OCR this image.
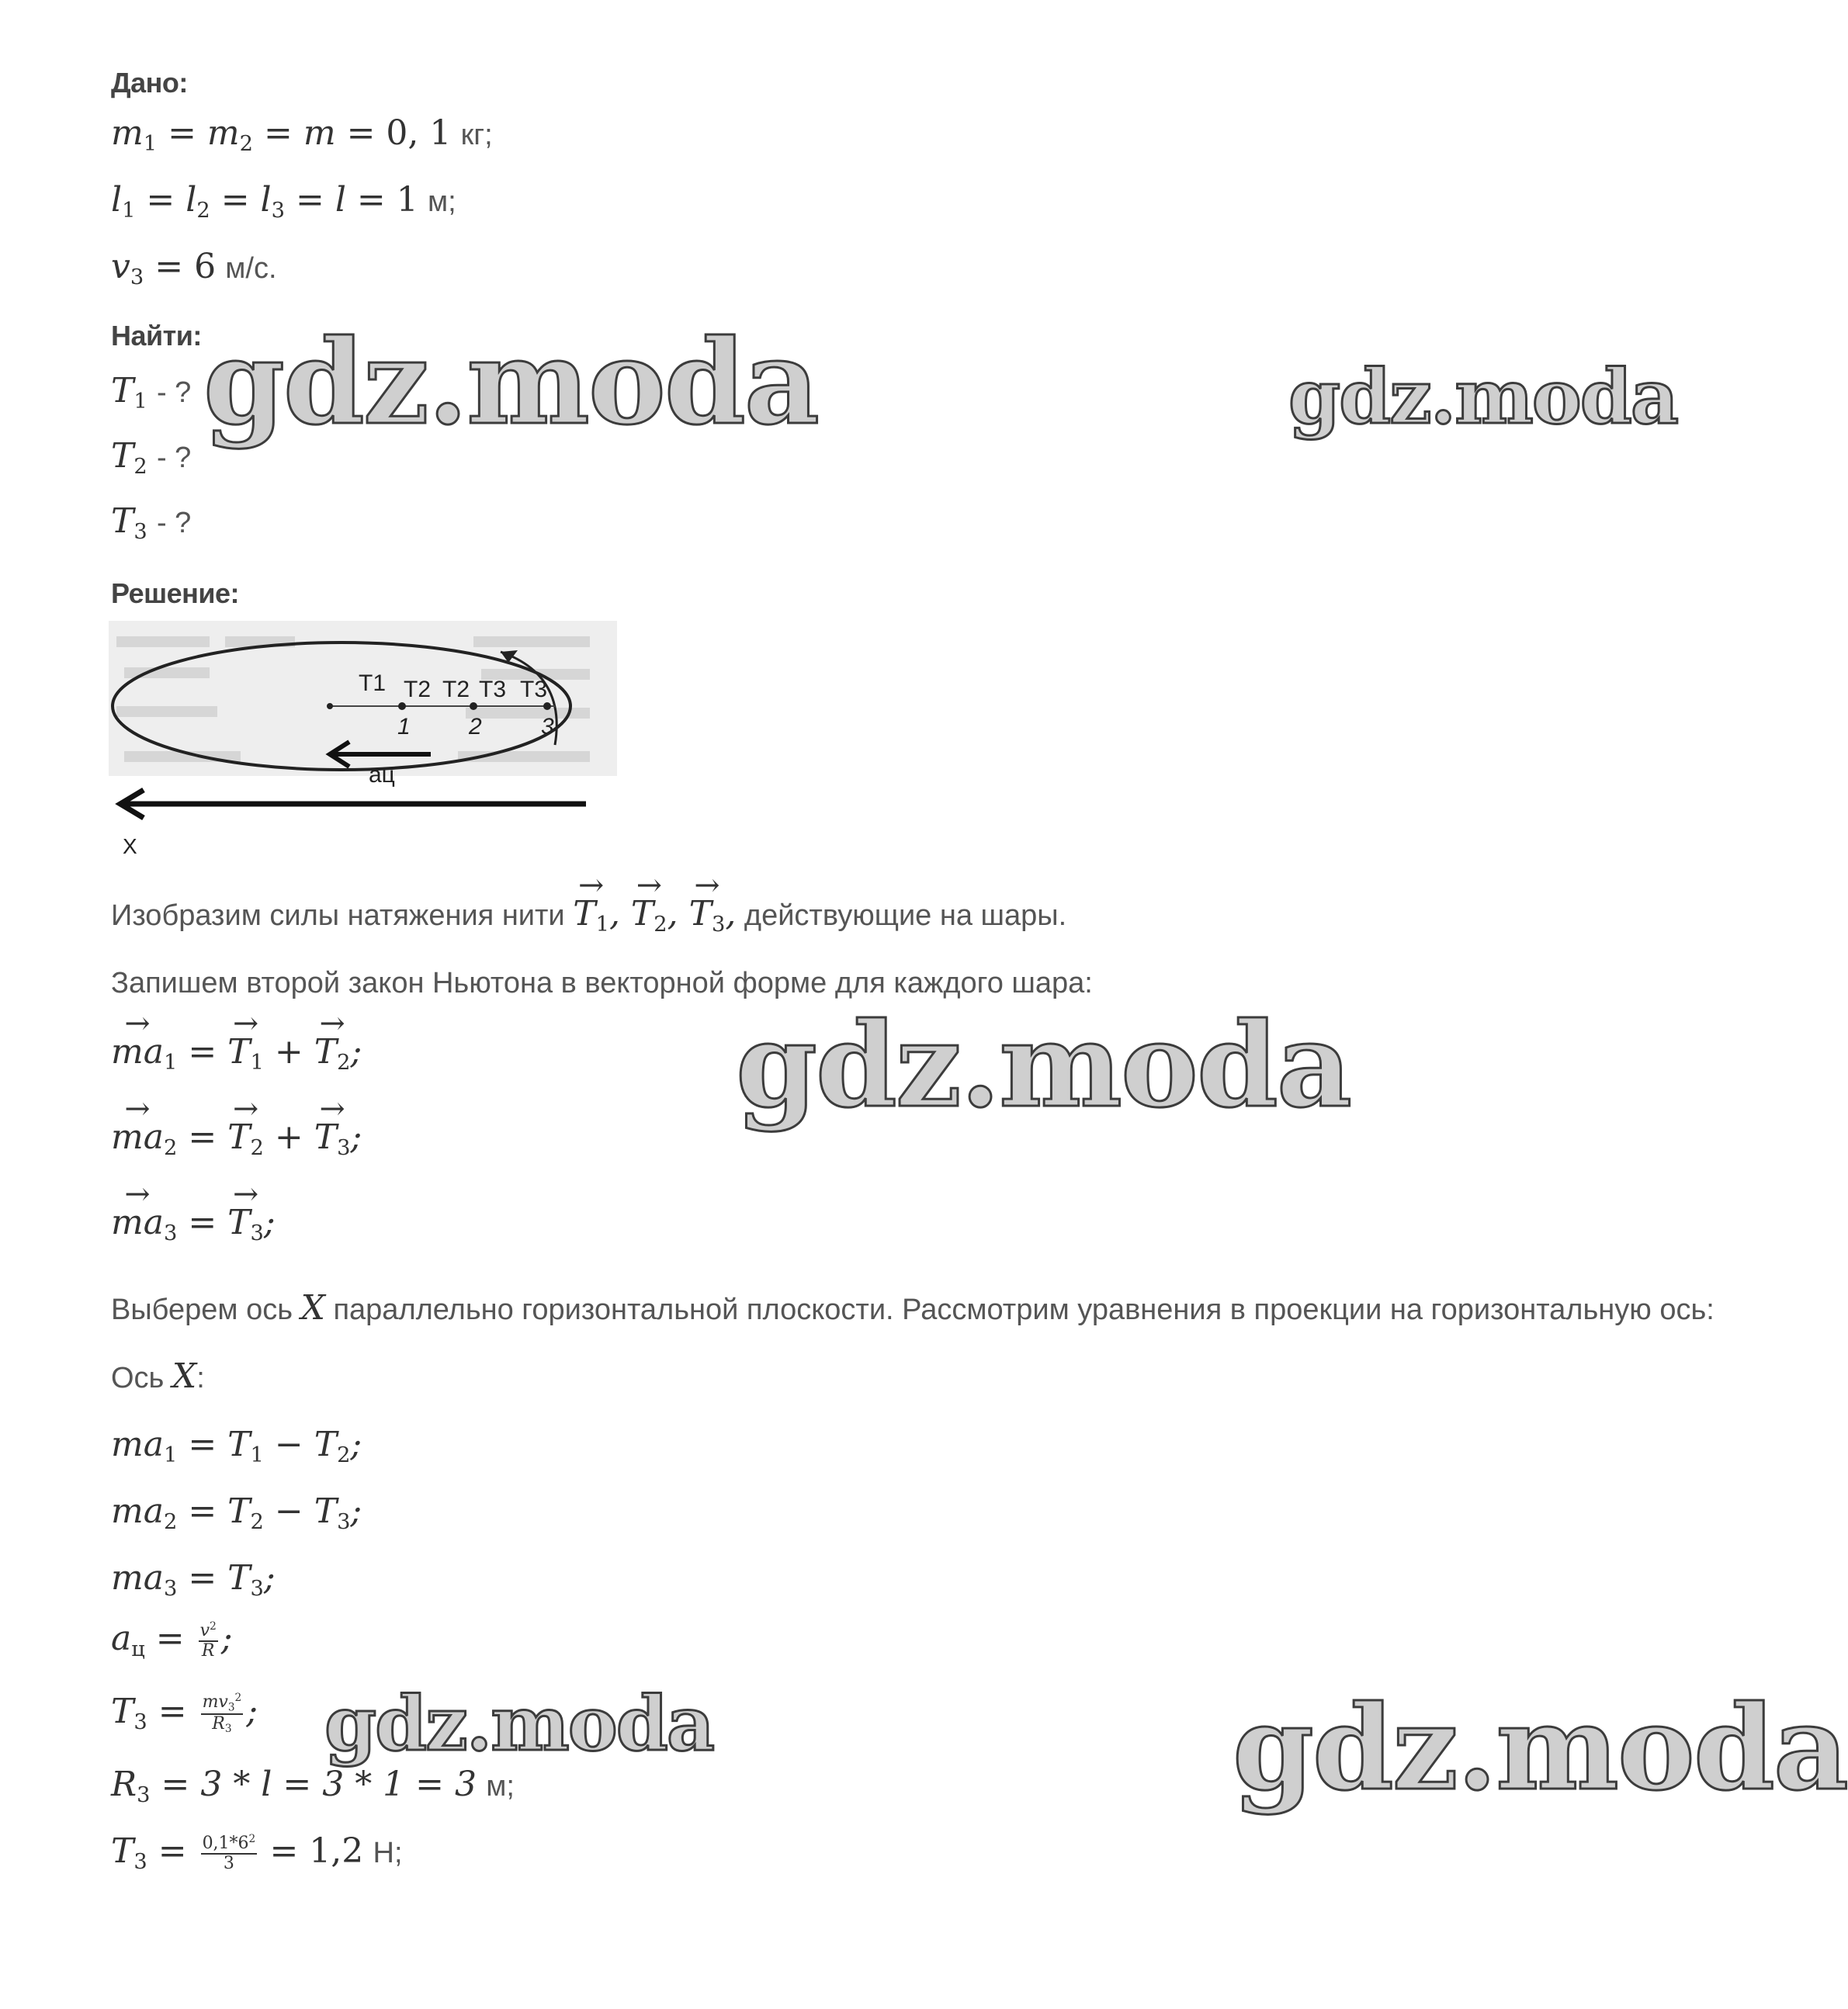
Дано:
$m_1 = m_2 = m = 0$, 1 кг;
$l_1 = l_2 = l_3 = l = 1$ м;
$v_3 = 6$ м/с.
Найти:
$T_1$ - ?
$T_2$ - ?
$T_3$ - ?
Решение:
T1 T2 T2 T3 T3
1	2	3
aц
X
Изобразим силы натяжения нити → $T_1$, → $T_2$, → $T_3$, действующие на шары.
Запишем второй закон Ньютона в векторной форме для каждого шара:
→ $ma_1$ = → $T_1$ + → $T_2$;
→ $ma_2$ = → $T_2$ + → $T_3$;
→ $ma_3$ = → $T_3$;
Выберем ось X параллельно горизонтальной плоскости. Рассмотрим уравнения в проекции на горизонтальную ось:
Ось X:
$ma_1 = T_1 - T_2$;
$ma_2 = T_2 - T_3$;
$ma_3 = T_3$;
$a_ц = \frac{v^2}{R}$ ;
$T_3 = \frac{mv_3^2}{R_3}$ ;
$R_3 = 3 * l = 3 * 1 = 3$ м;
$T_3 = \frac{0,1*6^2}{3} = 1,2$ Н;
gdz.moda	gdz.moda
gdz.moda
gdz.moda	gdz.moda
